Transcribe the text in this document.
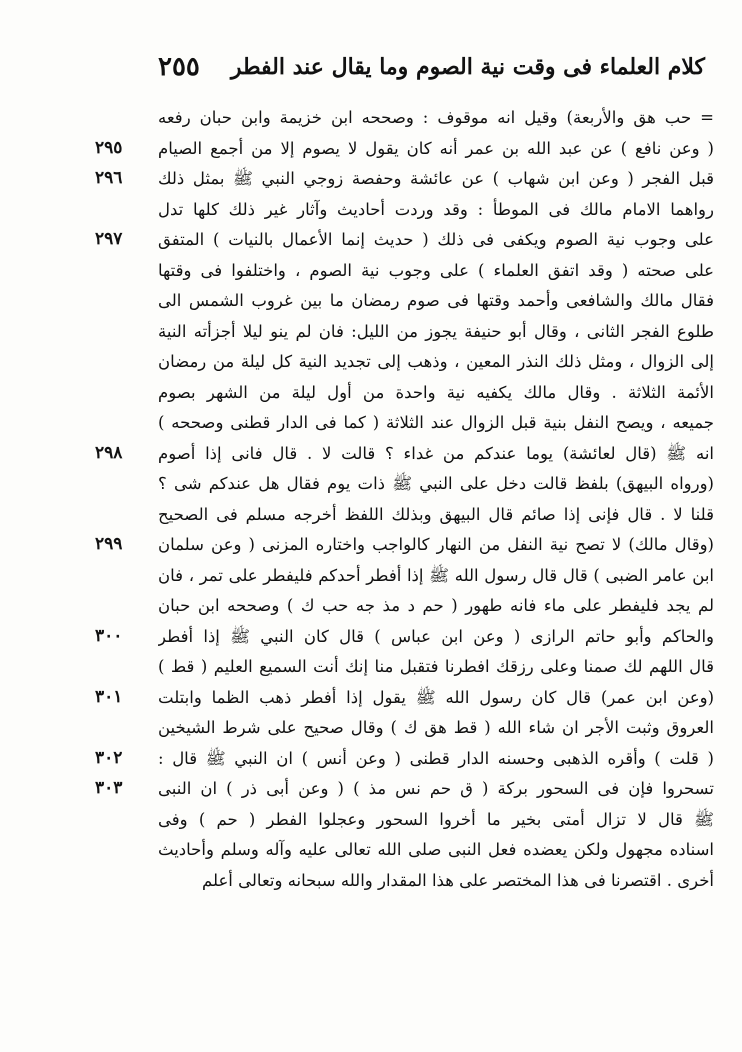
كلام العلماء فى وقت نية الصوم وما يقال عند الفطر
٢٥٥
= حب هق والأربعة) وقيل انه موقوف : وصححه ابن خزيمة وابن حبان رفعه
( وعن نافع ) عن عبد الله بن عمر أنه كان يقول لا يصوم إلا من أجمع الصيام
قبل الفجر ( وعن ابن شهاب ) عن عائشة وحفصة زوجي النبي ﷺ بمثل ذلك
رواهما الامام مالك فى الموطأ : وقد وردت أحاديث وآثار غير ذلك كلها تدل
على وجوب نية الصوم ويكفى فى ذلك ( حديث إنما الأعمال بالنيات ) المتفق
على صحته ( وقد اتفق العلماء ) على وجوب نية الصوم ، واختلفوا فى وقتها
فقال مالك والشافعى وأحمد وقتها فى صوم رمضان ما بين غروب الشمس الى
طلوع الفجر الثانى ، وقال أبو حنيفة يجوز من الليل: فان لم ينو ليلا أجزأته النية
إلى الزوال ، ومثل ذلك النذر المعين ، وذهب إلى تجديد النية كل ليلة من رمضان
الأئمة الثلاثة . وقال مالك يكفيه نية واحدة من أول ليلة من الشهر بصوم
جميعه ، ويصح النفل بنية قبل الزوال عند الثلاثة ( كما فى الدار قطنى وصححه )
انه ﷺ (قال لعائشة) يوما عندكم من غداء ؟ قالت لا . قال فانى إذا أصوم
(ورواه البيهق) بلفظ قالت دخل على النبي ﷺ ذات يوم فقال هل عندكم شى ؟
قلنا لا . قال فإنى إذا صائم قال البيهق وبذلك اللفظ أخرجه مسلم فى الصحيح
(وقال مالك) لا تصح نية النفل من النهار كالواجب واختاره المزنى ( وعن سلمان
ابن عامر الضبى ) قال قال رسول الله ﷺ إذا أفطر أحدكم فليفطر على تمر ، فان
لم يجد فليفطر على ماء فانه طهور ( حم د مذ جه حب ك ) وصححه ابن حبان
والحاكم وأبو حاتم الرازى ( وعن ابن عباس ) قال كان النبي ﷺ إذا أفطر
قال اللهم لك صمنا وعلى رزقك افطرنا فتقبل منا إنك أنت السميع العليم ( قط )
(وعن ابن عمر) قال كان رسول الله ﷺ يقول إذا أفطر ذهب الظما وابتلت
العروق وثبت الأجر ان شاء الله ( قط هق ك ) وقال صحيح على شرط الشيخين
( قلت ) وأقره الذهبى وحسنه الدار قطنى ( وعن أنس ) ان النبي ﷺ قال :
تسحروا فإن فى السحور بركة ( ق حم نس مذ ) ( وعن أبى ذر ) ان النبى
ﷺ قال لا تزال أمتى بخير ما أخروا السحور وعجلوا الفطر ( حم ) وفى
اسناده مجهول ولكن يعضده فعل النبى صلى الله تعالى عليه وآله وسلم وأحاديث
أخرى . اقتصرنا فى هذا المختصر على هذا المقدار والله سبحانه وتعالى أعلم
٢٩٥
٢٩٦
٢٩٧
٢٩٨
٢٩٩
٣٠٠
٣٠١
٣٠٢
٣٠٣
